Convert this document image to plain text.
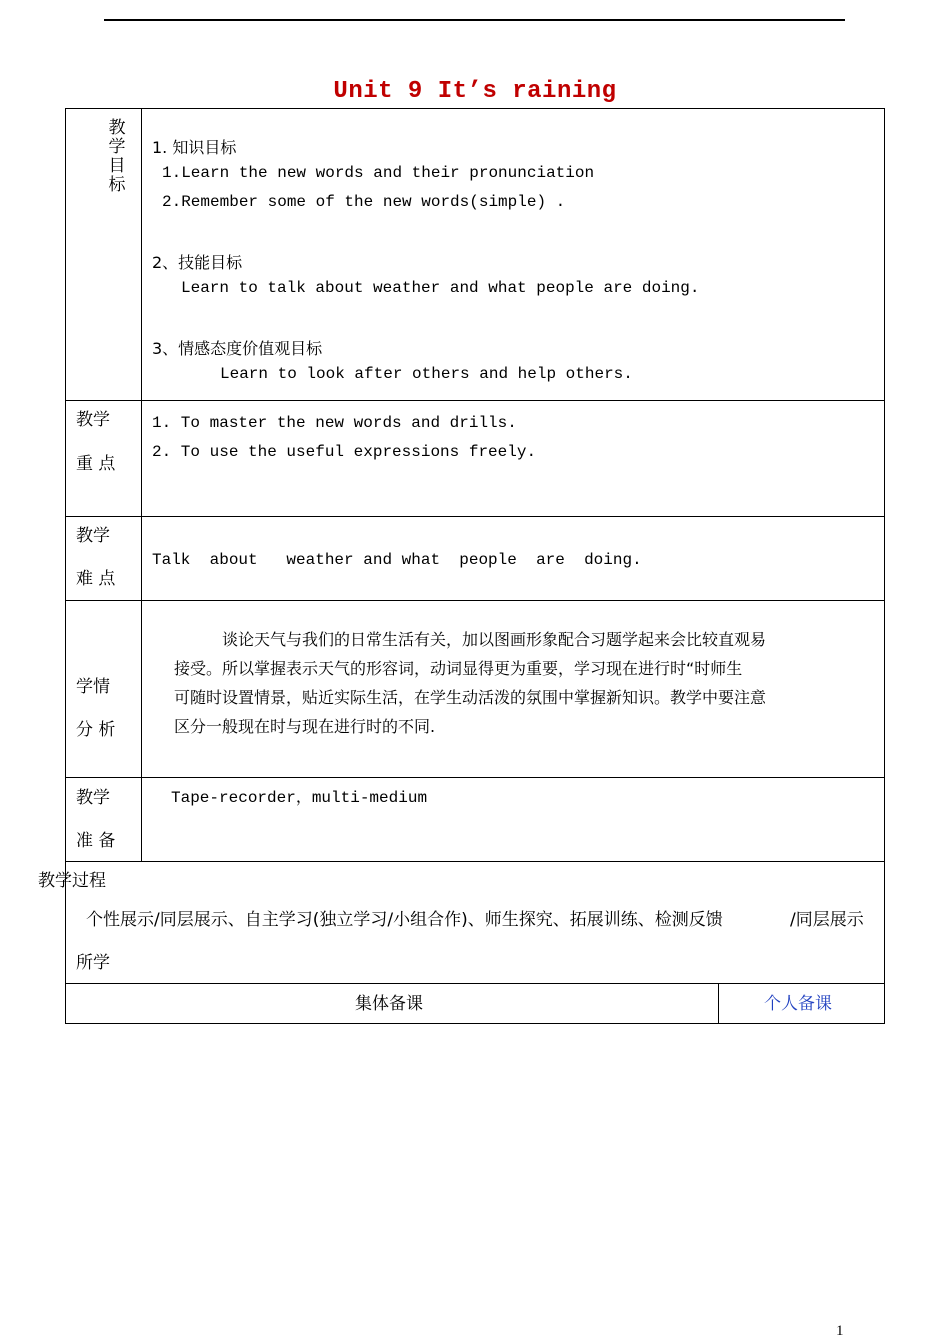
Unit 9 It’s raining
教
学
目
标
1. 知识目标
1.Learn the new words and their pronunciation
2.Remember some of the new words(simple) .
2、技能目标
Learn to talk about weather and what people are doing.
3、情感态度价值观目标
Learn to look after others and help others.
教学
重 点
1. To master the new words and drills.
2. To use the useful expressions freely.
教学
难 点
Talk  about   weather and what  people  are  doing.
学情
分 析
谈论天气与我们的日常生活有关，加以图画形象配合习题学起来会比较直观易
接受。所以掌握表示天气的形容词，动词显得更为重要，学习现在进行时“时师生
可随时设置情景，贴近实际生活，在学生动活泼的氛围中掌握新知识。教学中要注意
区分一般现在时与现在进行时的不同.
教学
准 备
Tape-recorder，multi-medium
教学过程
个性展示/同层展示、自主学习(独立学习/小组合作)、师生探究、拓展训练、检测反馈	/同层展示
所学
集体备课	个人备课
1
